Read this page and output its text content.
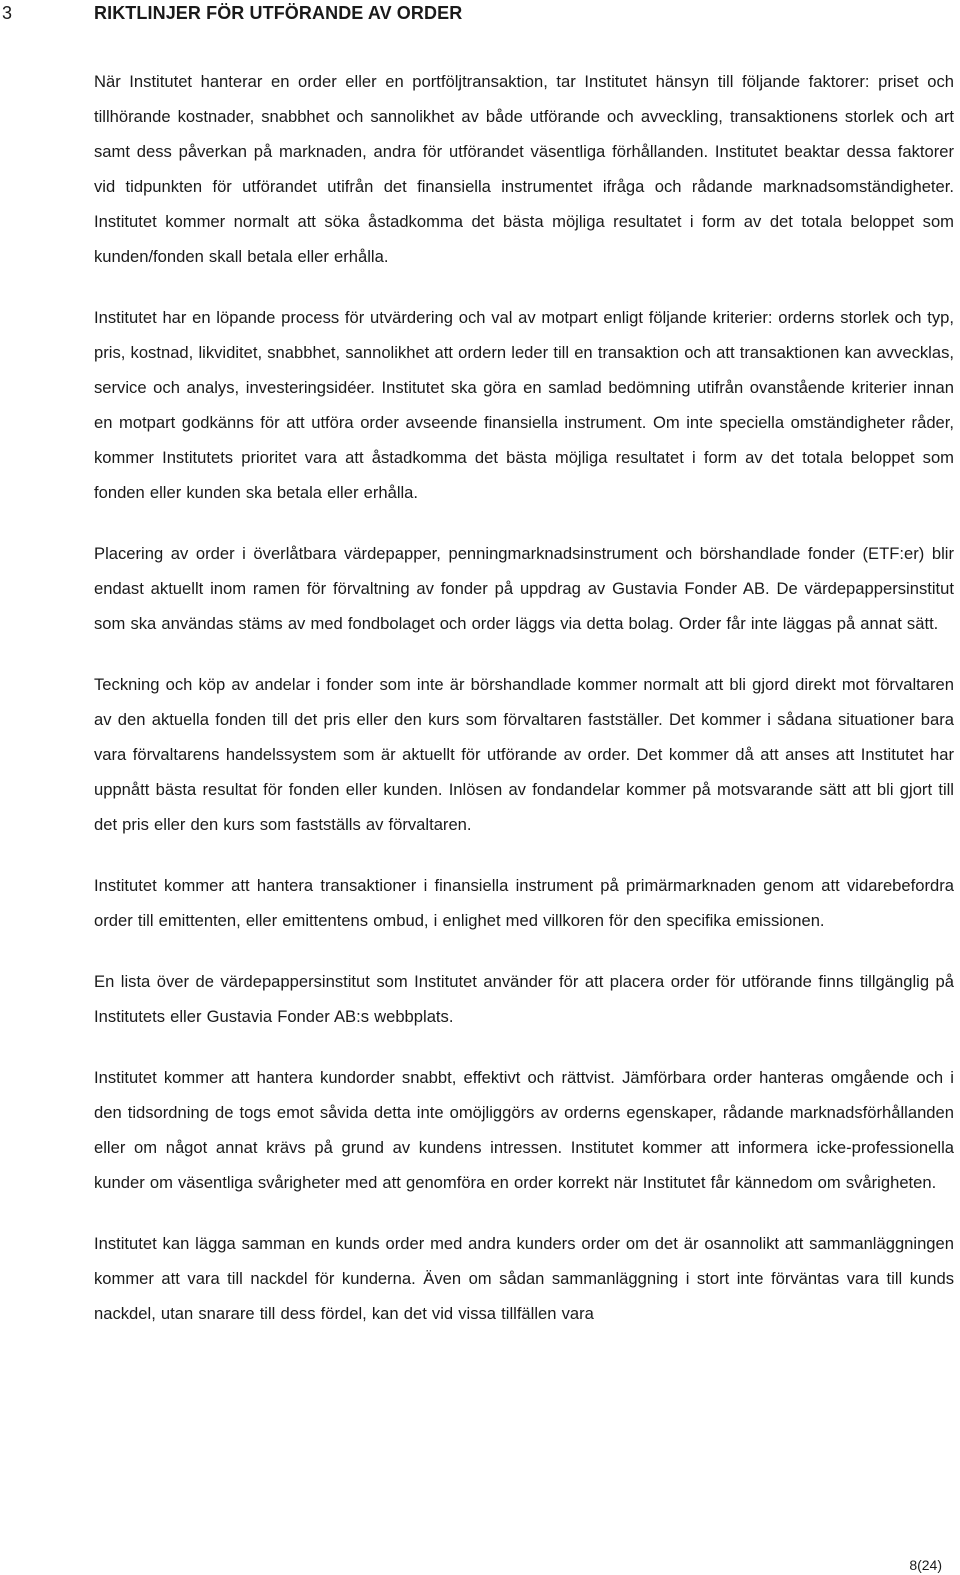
3	RIKTLINJER FÖR UTFÖRANDE AV ORDER

När Institutet hanterar en order eller en portföljtransaktion, tar Institutet hänsyn till följande faktorer: priset och tillhörande kostnader, snabbhet och sannolikhet av både utförande och avveckling, transaktionens storlek och art samt dess påverkan på marknaden, andra för utförandet väsentliga förhållanden. Institutet beaktar dessa faktorer vid tidpunkten för utförandet utifrån det finansiella instrumentet ifråga och rådande marknadsomständigheter. Institutet kommer normalt att söka åstadkomma det bästa möjliga resultatet i form av det totala beloppet som kunden/fonden skall betala eller erhålla.

Institutet har en löpande process för utvärdering och val av motpart enligt följande kriterier: orderns storlek och typ, pris, kostnad, likviditet, snabbhet, sannolikhet att ordern leder till en transaktion och att transaktionen kan avvecklas, service och analys, investeringsidéer. Institutet ska göra en samlad bedömning utifrån ovanstående kriterier innan en motpart godkänns för att utföra order avseende finansiella instrument. Om inte speciella omständigheter råder, kommer Institutets prioritet vara att åstadkomma det bästa möjliga resultatet i form av det totala beloppet som fonden eller kunden ska betala eller erhålla.

Placering av order i överlåtbara värdepapper, penningmarknadsinstrument och börshandlade fonder (ETF:er) blir endast aktuellt inom ramen för förvaltning av fonder på uppdrag av Gustavia Fonder AB. De värdepappersinstitut som ska användas stäms av med fondbolaget och order läggs via detta bolag. Order får inte läggas på annat sätt.

Teckning och köp av andelar i fonder som inte är börshandlade kommer normalt att bli gjord direkt mot förvaltaren av den aktuella fonden till det pris eller den kurs som förvaltaren fastställer. Det kommer i sådana situationer bara vara förvaltarens handelssystem som är aktuellt för utförande av order. Det kommer då att anses att Institutet har uppnått bästa resultat för fonden eller kunden. Inlösen av fondandelar kommer på motsvarande sätt att bli gjort till det pris eller den kurs som fastställs av förvaltaren.

Institutet kommer att hantera transaktioner i finansiella instrument på primärmarknaden genom att vidarebefordra order till emittenten, eller emittentens ombud, i enlighet med villkoren för den specifika emissionen.

En lista över de värdepappersinstitut som Institutet använder för att placera order för utförande finns tillgänglig på Institutets eller Gustavia Fonder AB:s webbplats.

Institutet kommer att hantera kundorder snabbt, effektivt och rättvist. Jämförbara order hanteras omgående och i den tidsordning de togs emot såvida detta inte omöjliggörs av orderns egenskaper, rådande marknadsförhållanden eller om något annat krävs på grund av kundens intressen. Institutet kommer att informera icke-professionella kunder om väsentliga svårigheter med att genomföra en order korrekt när Institutet får kännedom om svårigheten.

Institutet kan lägga samman en kunds order med andra kunders order om det är osannolikt att sammanläggningen kommer att vara till nackdel för kunderna. Även om sådan sammanläggning i stort inte förväntas vara till kunds nackdel, utan snarare till dess fördel, kan det vid vissa tillfällen vara

8(24)
